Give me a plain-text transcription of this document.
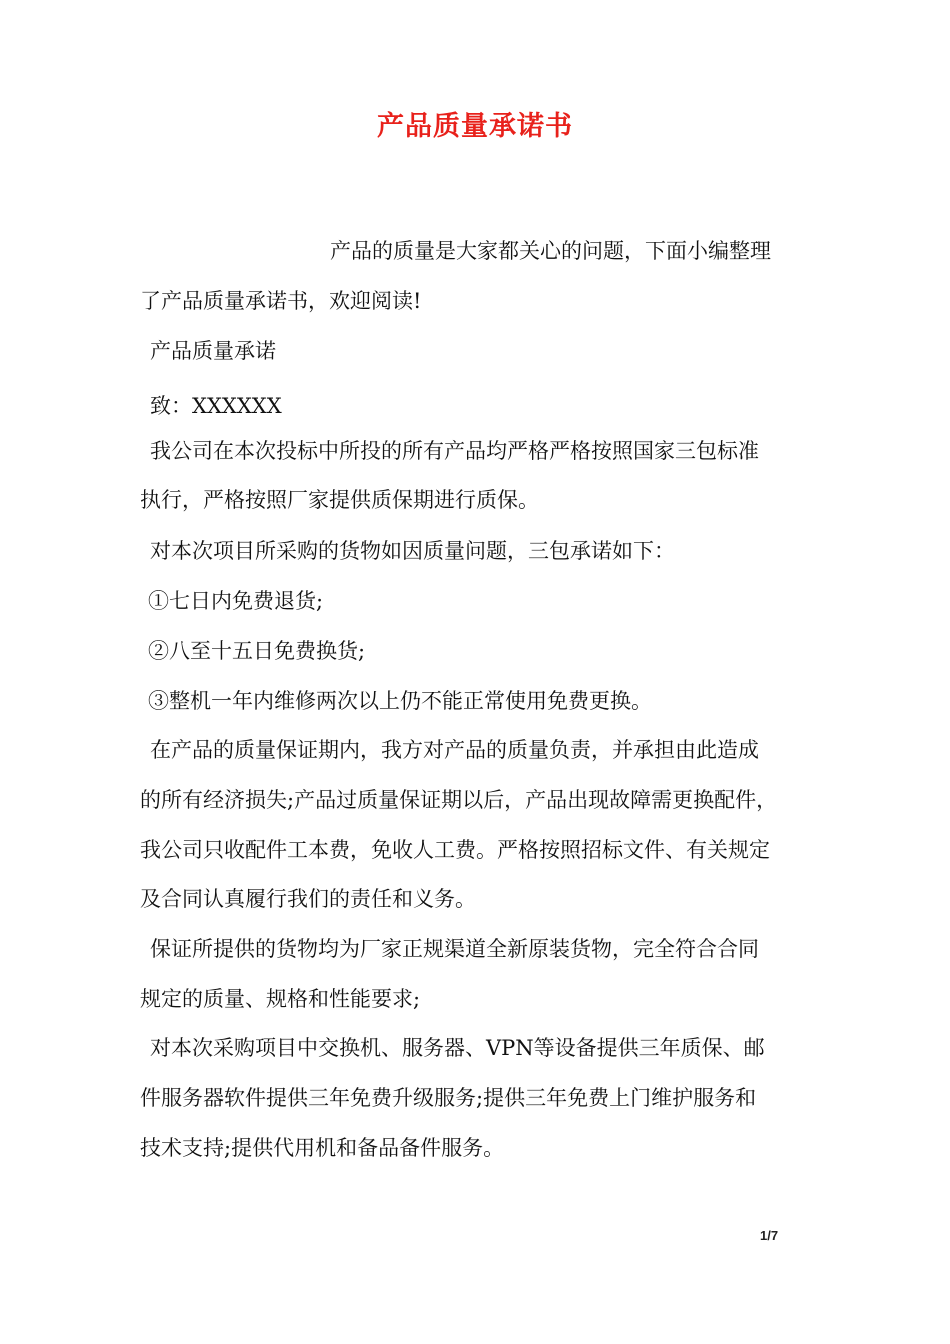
产品质量承诺书

产品的质量是大家都关心的问题，下面小编整理

了产品质量承诺书，欢迎阅读!

产品质量承诺

致：XXXXXX

我公司在本次投标中所投的所有产品均严格严格按照国家三包标准

执行，严格按照厂家提供质保期进行质保。

对本次项目所采购的货物如因质量问题，三包承诺如下：

①七日内免费退货;

②八至十五日免费换货;

③整机一年内维修两次以上仍不能正常使用免费更换。

在产品的质量保证期内，我方对产品的质量负责，并承担由此造成

的所有经济损失;产品过质量保证期以后，产品出现故障需更换配件，

我公司只收配件工本费，免收人工费。严格按照招标文件、有关规定

及合同认真履行我们的责任和义务。

保证所提供的货物均为厂家正规渠道全新原装货物，完全符合合同

规定的质量、规格和性能要求;

对本次采购项目中交换机、服务器、VPN等设备提供三年质保、邮

件服务器软件提供三年免费升级服务;提供三年免费上门维护服务和

技术支持;提供代用机和备品备件服务。

1/7
